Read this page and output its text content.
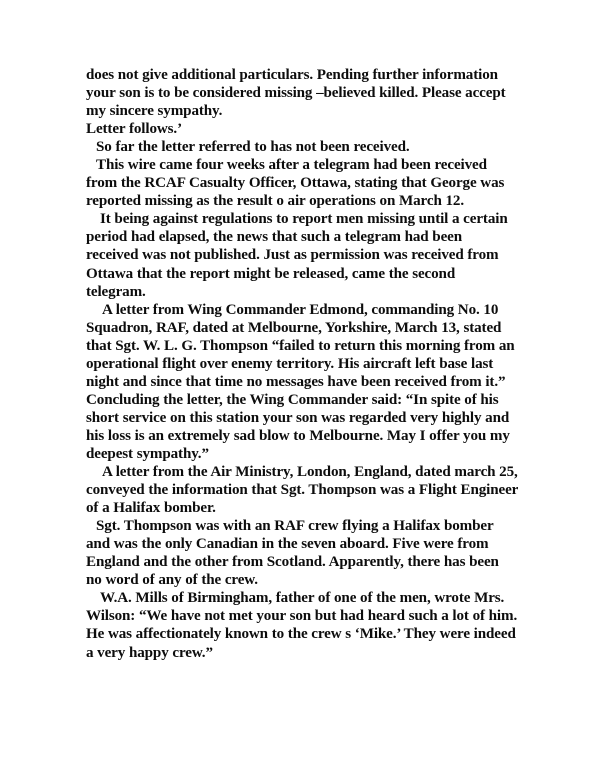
does not give additional particulars. Pending further information your son is to be considered missing –believed killed. Please accept my sincere sympathy.

Letter follows.’

So far the letter referred to has not been received.

This wire came four weeks after a telegram had been received from the RCAF Casualty Officer, Ottawa, stating that George was reported missing as the result o air operations on March 12.

It being against regulations to report men missing until a certain period had elapsed, the news that such a telegram had been received was not published. Just as permission was received from Ottawa that the report might be released, came the second telegram.

A letter from Wing Commander Edmond, commanding No. 10 Squadron, RAF, dated at Melbourne, Yorkshire, March 13, stated that Sgt. W. L. G. Thompson “failed to return this morning from an operational flight over enemy territory. His aircraft left base last night and since that time no messages have been received from it.” Concluding the letter, the Wing Commander said: “In spite of his short service on this station your son was regarded very highly and his loss is an extremely sad blow to Melbourne. May I offer you my deepest sympathy.”

A letter from the Air Ministry, London, England, dated march 25, conveyed the information that Sgt. Thompson was a Flight Engineer of a Halifax bomber.

Sgt. Thompson was with an RAF crew flying a Halifax bomber and was the only Canadian in the seven aboard. Five were from England and the other from Scotland. Apparently, there has been no word of any of the crew.

W.A. Mills of Birmingham, father of one of the men, wrote Mrs. Wilson: “We have not met your son but had heard such a lot of him. He was affectionately known to the crew s ‘Mike.’ They were indeed a very happy crew.”
